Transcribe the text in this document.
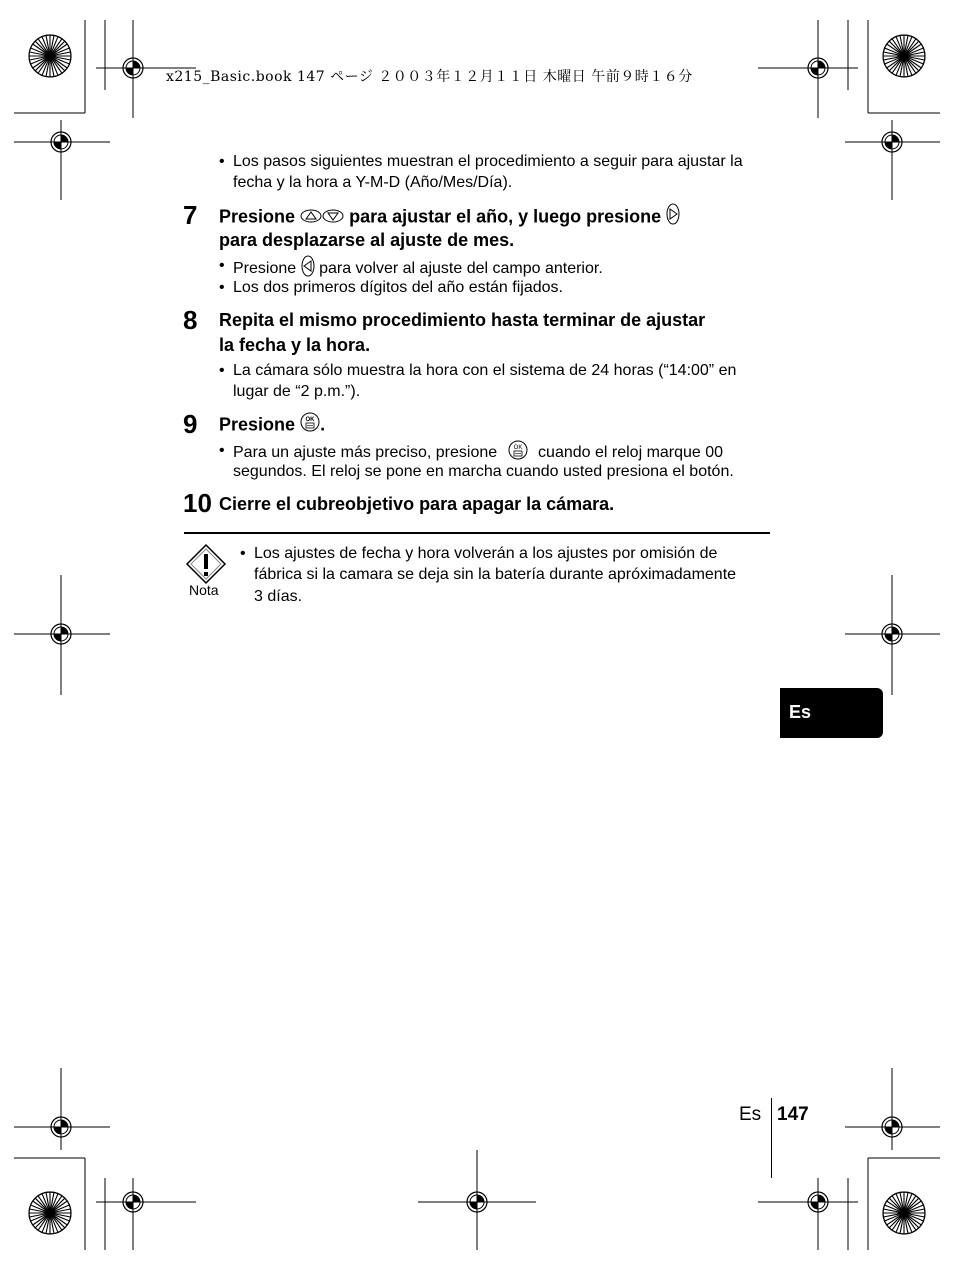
x215_Basic.book 147 ページ ２００３年１２月１１日 木曜日 午前９時１６分
• Los pasos siguientes muestran el procedimiento a seguir para ajustar la fecha y la hora a Y-M-D (Año/Mes/Día).
7 Presione	para ajustar el año, y luego presione
para desplazarse al ajuste de mes.
• Presione para volver al ajuste del campo anterior.
• Los dos primeros dígitos del año están fijados.
8 Repita el mismo procedimiento hasta terminar de ajustar
la fecha y la hora.
• La cámara sólo muestra la hora con el sistema de 24 horas (“14:00” en
lugar de “2 p.m.”).
9 Presione OK .
• Para un ajuste más preciso, presione	OK cuando el reloj marque 00
segundos. El reloj se pone en marcha cuando usted presiona el botón.
10 Cierre el cubreobjetivo para apagar la cámara.
Nota
• Los ajustes de fecha y hora volverán a los ajustes por omisión de
fábrica si la camara se deja sin la batería durante apróximadamente
3 días.
Es
Es 147
